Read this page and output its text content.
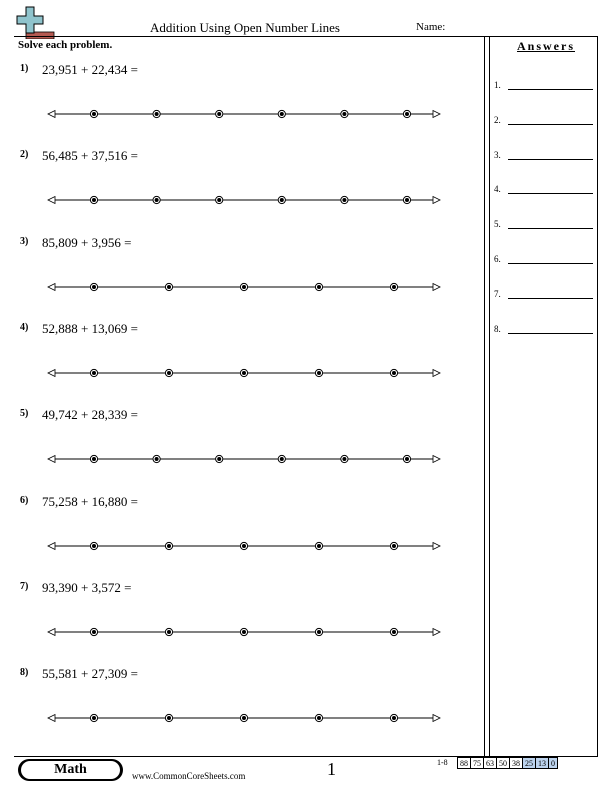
Addition Using Open Number Lines	Name:
Solve each problem.	Answers
1) 23,951 + 22,434 =
2) 56,485 + 37,516 =
3) 85,809 + 3,956 =
4) 52,888 + 13,069 =
5) 49,742 + 28,339 =
6) 75,258 + 16,880 =
7) 93,390 + 3,572 =
8) 55,581 + 27,309 =
1.
2.
3.
4.
5.
6.
7.
8.
Math	www.CommonCoreSheets.com	1	1-8 88	75	63	50	38	25	13	0
